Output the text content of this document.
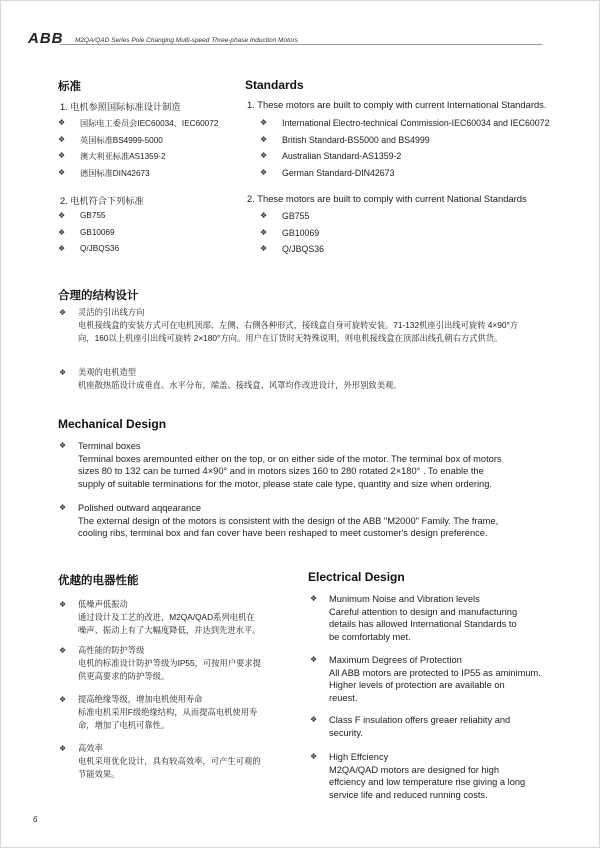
ABB M2QA/QAD Series Pole Changing Multi-speed Three-phase Induction Motors
标准
1. 电机参照国际标准设计制造
❖	国际电工委员会IEC60034、IEC60072
❖	英国标准BS4999-5000
❖	澳大利亚标准AS1359-2
❖	德国标准DIN42673
2. 电机符合下列标准
❖	GB755
❖	GB10069
❖	Q/JBQS36
Standards
1. These motors are built to comply with current International Standards.
❖	International Electro-technical Commission-IEC60034 and IEC60072
❖	British Standard-BS5000 and BS4999
❖	Australian Standard-AS1359-2
❖	German Standard-DIN42673
2. These motors are built to comply with current National Standards
❖	GB755
❖	GB10069
❖	Q/JBQS36
合理的结构设计
❖ 灵活的引出线方向
电机接线盒的安装方式可在电机顶部、左侧、右侧各种形式，接线盒自身可旋转安装。71-132机座引出线可旋转 4×90°方
向，160以上机座引出线可旋转 2×180°方向。用户在订货时无特殊说明，则电机接线盒在顶部出线孔朝右方式供货。
❖ 美观的电机造型
机座散热筋设计成垂直、水平分布，端盖、接线盒、风罩均作改进设计，外形别致美观。
Mechanical Design
❖ Terminal boxes
Terminal boxes aremounted either on the top, or on either side of the motor. The terminal box of motors
sizes 80 to 132 can be turned 4×90° and in motors sizes 160 to 280 rotated 2×180° . To enable the
supply of suitable terminations for the motor, please state cale type, quantity and size when ordering.
❖ Polished outward aqqearance
The external design of the motors is consistent with the design of the ABB "M2000" Family. The frame,
cooling ribs, terminal box and fan cover have been reshaped to meet customer's design preference.
优越的电器性能
❖ 低噪声低振动
通过设计及工艺的改进，M2QA/QAD系列电机在
噪声、振动上有了大幅度降低，并达到先进水平。
❖ 高性能的防护等级
电机的标准设计防护等级为IP55，可按用户要求提
供更高要求的防护等级。
❖ 提高绝缘等级，增加电机使用寿命
标准电机采用F级绝缘结构，从而提高电机使用寿
命，增加了电机可靠性。
❖ 高效率
电机采用优化设计，具有较高效率，可产生可观的
节能效果。
Electrical Design
❖ Munimum Noise and Vibration levels
Careful attention to design and manufacturing
details has allowed International Standards to
be comfortably met.
❖ Maximum Degrees of Protection
All ABB motors are protected to IP55 as aminimum.
Higher levels of protection are available on
reuest.
❖ Class F insulation offers greaer reliabity and
security.
❖ High Effciency
M2QA/QAD motors are designed for high
effciency and low temperature rise giving a long
service life and reduced running costs.
6
